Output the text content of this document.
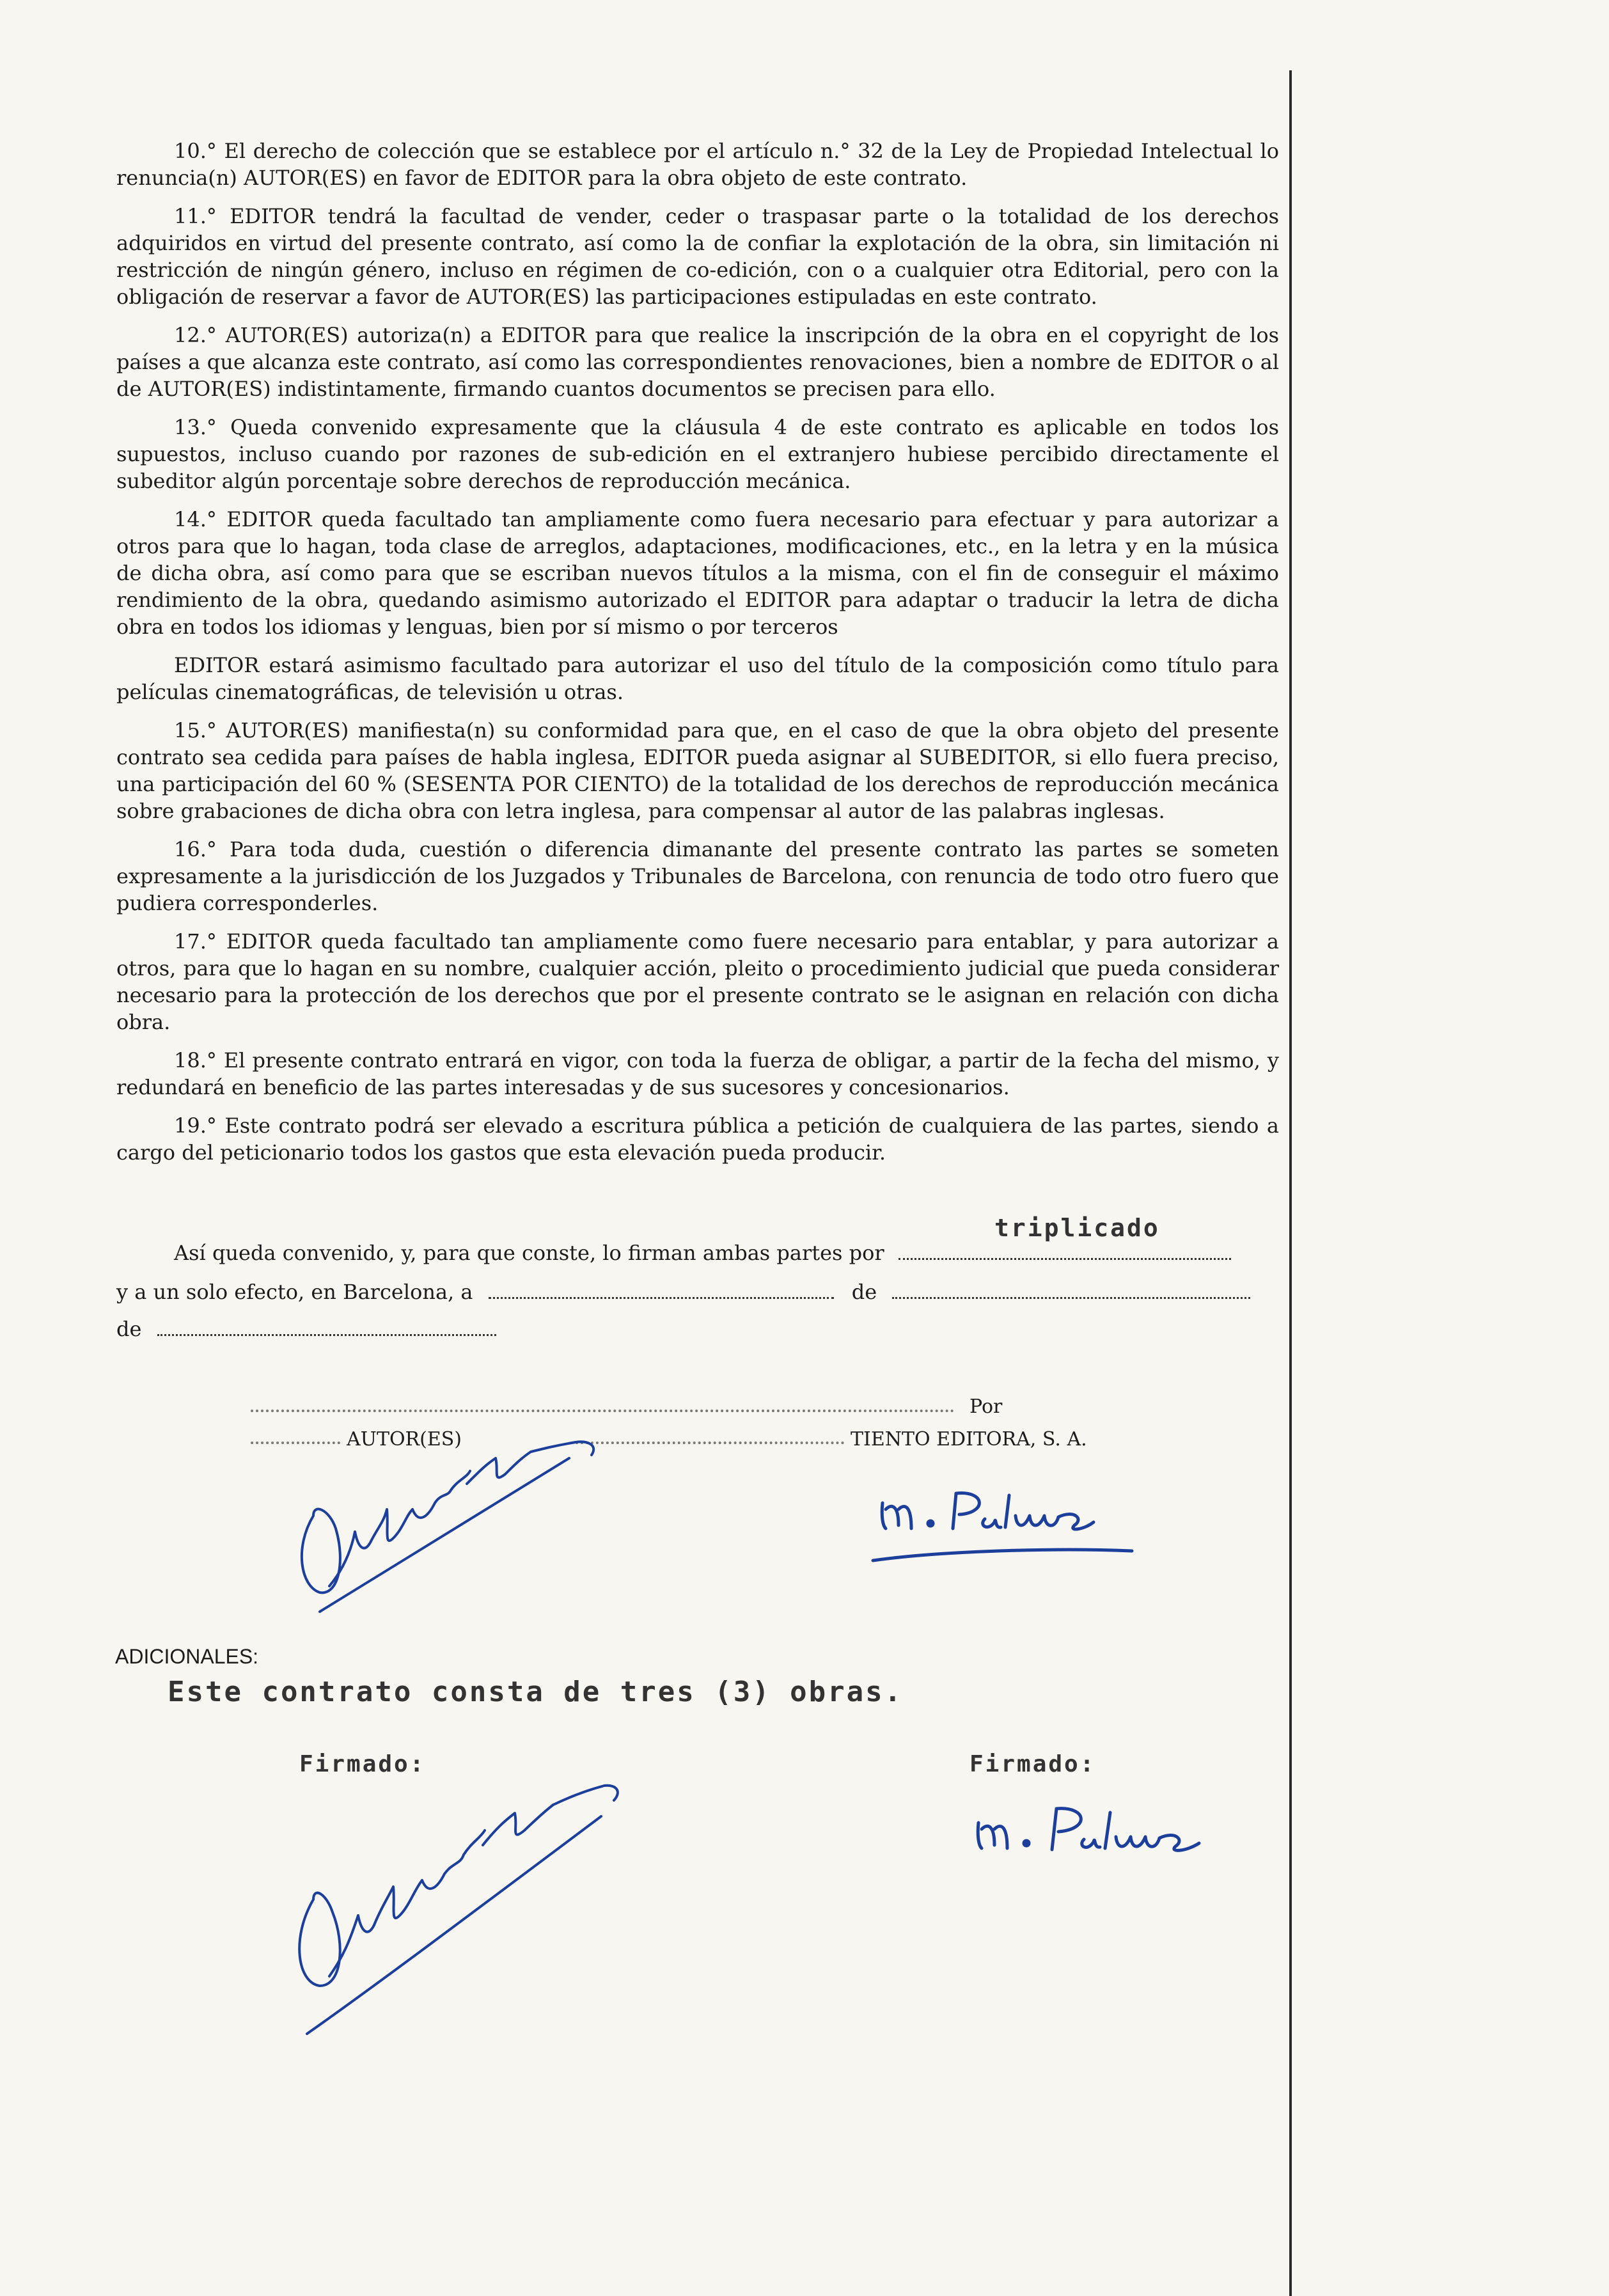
10.° El derecho de colección que se establece por el artículo n.° 32 de la Ley de Propiedad Intelectual lo renuncia(n) AUTOR(ES) en favor de EDITOR para la obra objeto de este contrato.

11.° EDITOR tendrá la facultad de vender, ceder o traspasar parte o la totalidad de los derechos adquiridos en virtud del presente contrato, así como la de confiar la explotación de la obra, sin limitación ni restricción de ningún género, incluso en régimen de co-edición, con o a cualquier otra Editorial, pero con la obligación de reservar a favor de AUTOR(ES) las participaciones estipuladas en este contrato.

12.° AUTOR(ES) autoriza(n) a EDITOR para que realice la inscripción de la obra en el copyright de los países a que alcanza este contrato, así como las correspondientes renovaciones, bien a nombre de EDITOR o al de AUTOR(ES) indistintamente, firmando cuantos documentos se precisen para ello.

13.° Queda convenido expresamente que la cláusula 4 de este contrato es aplicable en todos los supuestos, incluso cuando por razones de sub-edición en el extranjero hubiese percibido directamente el subeditor algún porcentaje sobre derechos de reproducción mecánica.

14.° EDITOR queda facultado tan ampliamente como fuera necesario para efectuar y para autorizar a otros para que lo hagan, toda clase de arreglos, adaptaciones, modificaciones, etc., en la letra y en la música de dicha obra, así como para que se escriban nuevos títulos a la misma, con el fin de conseguir el máximo rendimiento de la obra, quedando asimismo autorizado el EDITOR para adaptar o traducir la letra de dicha obra en todos los idiomas y lenguas, bien por sí mismo o por terceros

EDITOR estará asimismo facultado para autorizar el uso del título de la composición como título para películas cinematográficas, de televisión u otras.

15.° AUTOR(ES) manifiesta(n) su conformidad para que, en el caso de que la obra objeto del presente contrato sea cedida para países de habla inglesa, EDITOR pueda asignar al SUBEDITOR, si ello fuera preciso, una participación del 60 % (SESENTA POR CIENTO) de la totalidad de los derechos de reproducción mecánica sobre grabaciones de dicha obra con letra inglesa, para compensar al autor de las palabras inglesas.

16.° Para toda duda, cuestión o diferencia dimanante del presente contrato las partes se someten expresamente a la jurisdicción de los Juzgados y Tribunales de Barcelona, con renuncia de todo otro fuero que pudiera corresponderles.

17.° EDITOR queda facultado tan ampliamente como fuere necesario para entablar, y para autorizar a otros, para que lo hagan en su nombre, cualquier acción, pleito o procedimiento judicial que pueda considerar necesario para la protección de los derechos que por el presente contrato se le asignan en relación con dicha obra.

18.° El presente contrato entrará en vigor, con toda la fuerza de obligar, a partir de la fecha del mismo, y redundará en beneficio de las partes interesadas y de sus sucesores y concesionarios.

19.° Este contrato podrá ser elevado a escritura pública a petición de cualquiera de las partes, siendo a cargo del peticionario todos los gastos que esta elevación pueda producir.

Así queda convenido, y, para que conste, lo firman ambas partes por
triplicado
y a un solo efecto, en Barcelona, a	de
de
Por
AUTOR(ES)	TIENTO EDITORA, S. A.
ADICIONALES:
Este contrato consta de tres (3) obras.
Firmado:	Firmado:
